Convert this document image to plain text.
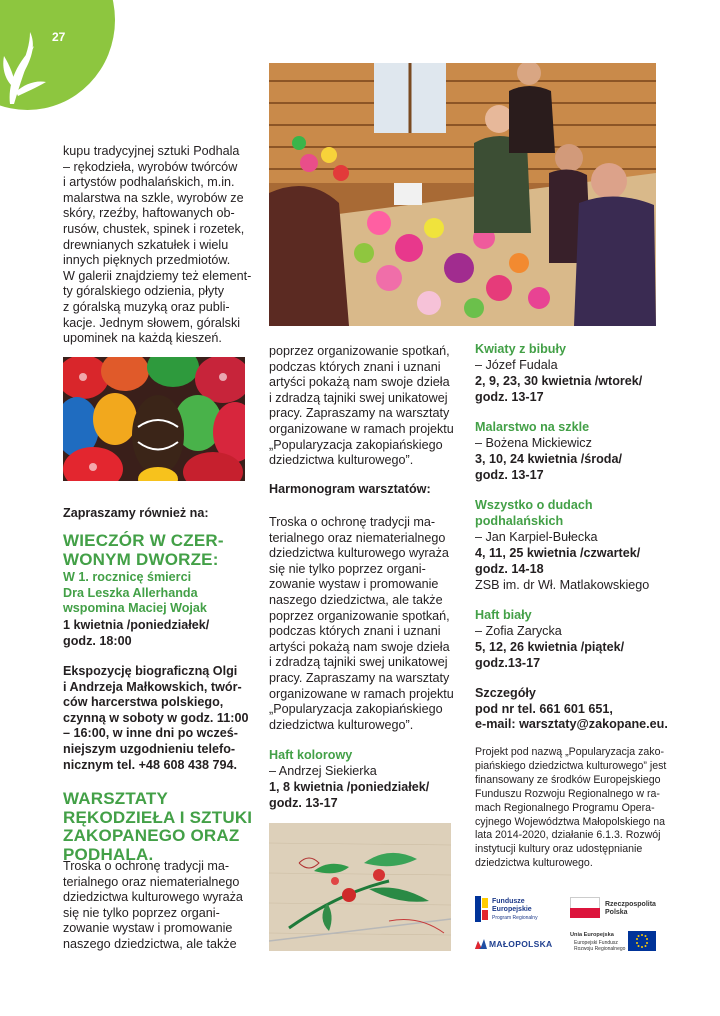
27
kupu tradycyjnej sztuki Podhala
– rękodzieła, wyrobów twórców
i artystów podhalańskich, m.in.
malarstwa na szkle, wyrobów ze
skóry, rzeźby, haftowanych ob-
rusów, chustek, spinek i rozetek,
drewnianych szkatułek i wielu
innych pięknych przedmiotów.
W galerii znajdziemy też element-
ty góralskiego odzienia, płyty
z góralską muzyką oraz publi-
kacje. Jednym słowem, góralski
upominek na każdą kieszeń.
Zapraszamy również na:
WIECZÓR W CZER-
WONYM DWORZE:
W 1. rocznicę śmierci
Dra Leszka Allerhanda
wspomina Maciej Wojak
1 kwietnia /poniedziałek/
godz. 18:00
Ekspozycję biograficzną Olgi
i Andrzeja Małkowskich, twór-
ców harcerstwa polskiego,
czynną w soboty w godz. 11:00
– 16:00, w inne dni po wcześ-
niejszym uzgodnieniu telefo-
nicznym tel. +48 608 438 794.
WARSZTATY
RĘKODZIEŁA I SZTUKI
ZAKOPANEGO ORAZ
PODHALA.
Troska o ochronę tradycji ma-
terialnego oraz niematerialnego
dziedzictwa kulturowego wyraża
się nie tylko poprzez organi-
zowanie wystaw i promowanie
naszego dziedzictwa, ale także
poprzez organizowanie spotkań,
podczas których znani i uznani
artyści pokażą nam swoje dzieła
i zdradzą tajniki swej unikatowej
pracy. Zapraszamy na warsztaty
organizowane w ramach projektu
„Popularyzacja zakopiańskiego
dziedzictwa kulturowego”.
Harmonogram warsztatów:
Troska o ochronę tradycji ma-
terialnego oraz niematerialnego
dziedzictwa kulturowego wyraża
się nie tylko poprzez organi-
zowanie wystaw i promowanie
naszego dziedzictwa, ale także
poprzez organizowanie spotkań,
podczas których znani i uznani
artyści pokażą nam swoje dzieła
i zdradzą tajniki swej unikatowej
pracy. Zapraszamy na warsztaty
organizowane w ramach projektu
„Popularyzacja zakopiańskiego
dziedzictwa kulturowego”.
Haft kolorowy
– Andrzej Siekierka
1, 8 kwietnia /poniedziałek/
godz. 13-17
Kwiaty z bibuły
– Józef Fudala
2, 9, 23, 30 kwietnia /wtorek/
godz. 13-17
Malarstwo na szkle
– Bożena Mickiewicz
3, 10, 24 kwietnia /środa/
godz. 13-17
Wszystko o dudach
podhalańskich
– Jan Karpiel-Bułecka
4, 11, 25 kwietnia /czwartek/
godz. 14-18
ZSB im. dr Wł. Matlakowskiego
Haft biały
– Zofia Zarycka
5, 12, 26 kwietnia /piątek/
godz.13-17
Szczegóły
pod nr tel. 661 601 651,
e-mail: warsztaty@zakopane.eu.
Projekt pod nazwą „Popularyzacja zako-
piańskiego dziedzictwa kulturowego” jest
finansowany ze środków Europejskiego
Funduszu Rozwoju Regionalnego w ra-
mach Regionalnego Programu Opera-
cyjnego Województwa Małopolskiego na
lata 2014-2020, działanie 6.1.3. Rozwój
instytucji kultury oraz udostępnianie
dziedzictwa kulturowego.
Fundusze
Europejskie
Program Regionalny
Rzeczpospolita
Polska
MAŁOPOLSKA
Unia Europejska
Europejski Fundusz
Rozwoju Regionalnego
